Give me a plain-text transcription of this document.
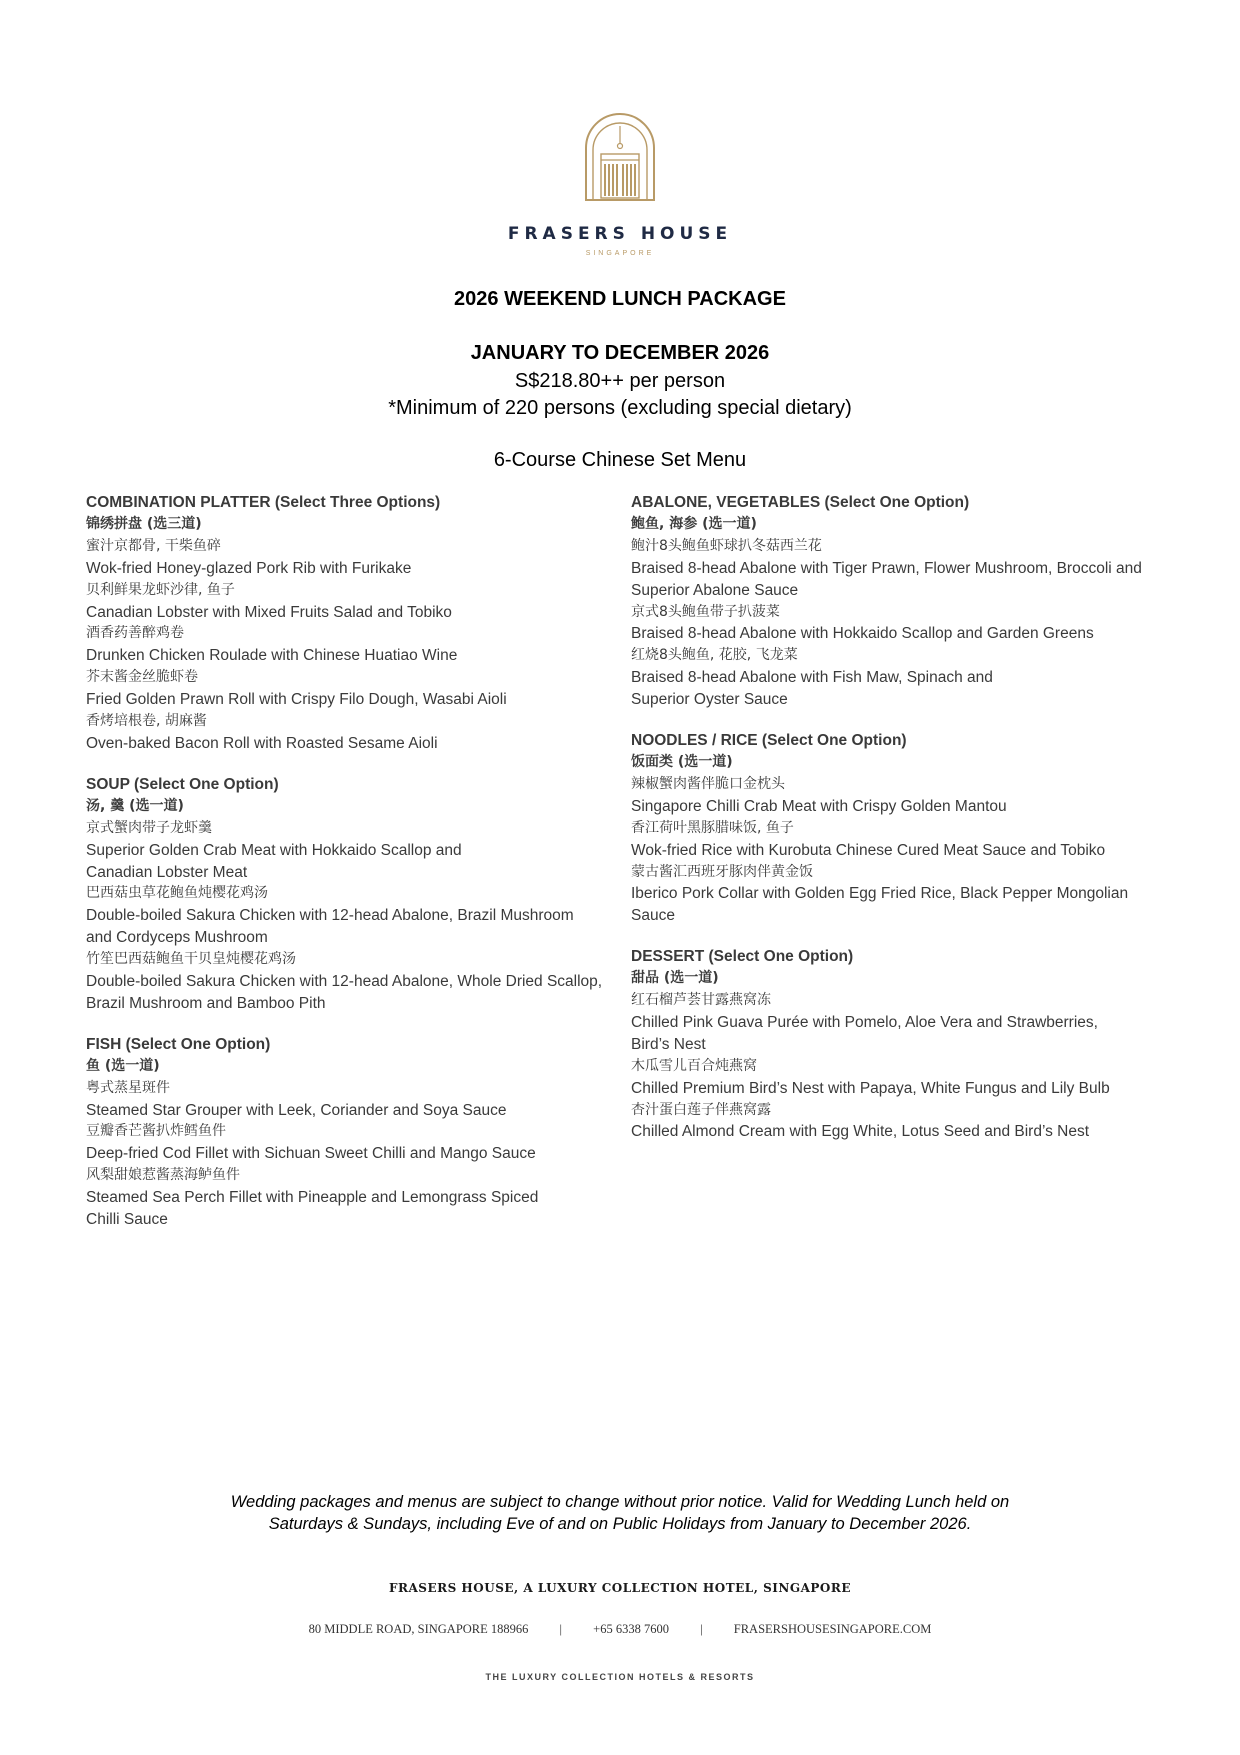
FRASERS HOUSE
SINGAPORE
2026 WEEKEND LUNCH PACKAGE
JANUARY TO DECEMBER 2026
S$218.80++ per person
*Minimum of 220 persons (excluding special dietary)
6-Course Chinese Set Menu
COMBINATION PLATTER (Select Three Options)
锦绣拼盘 (选三道)
蜜汁京都骨, 干柴鱼碎
Wok-fried Honey-glazed Pork Rib with Furikake
贝利鲜果龙虾沙律, 鱼子
Canadian Lobster with Mixed Fruits Salad and Tobiko
酒香药善醉鸡卷
Drunken Chicken Roulade with Chinese Huatiao Wine
芥末酱金丝脆虾卷
Fried Golden Prawn Roll with Crispy Filo Dough, Wasabi Aioli
香烤培根卷, 胡麻酱
Oven-baked Bacon Roll with Roasted Sesame Aioli
SOUP (Select One Option)
汤, 羹 (选一道)
京式蟹肉带子龙虾羹
Superior Golden Crab Meat with Hokkaido Scallop and
Canadian Lobster Meat
巴西菇虫草花鲍鱼炖樱花鸡汤
Double-boiled Sakura Chicken with 12-head Abalone, Brazil Mushroom
and Cordyceps Mushroom
竹笙巴西菇鲍鱼干贝皇炖樱花鸡汤
Double-boiled Sakura Chicken with 12-head Abalone, Whole Dried Scallop,
Brazil Mushroom and Bamboo Pith
FISH (Select One Option)
鱼 (选一道)
粤式蒸星斑件
Steamed Star Grouper with Leek, Coriander and Soya Sauce
豆瓣香芒酱扒炸鳕鱼件
Deep-fried Cod Fillet with Sichuan Sweet Chilli and Mango Sauce
风梨甜娘惹酱蒸海鲈鱼件
Steamed Sea Perch Fillet with Pineapple and Lemongrass Spiced
Chilli Sauce
ABALONE, VEGETABLES (Select One Option)
鲍鱼, 海参 (选一道)
鲍汁8头鲍鱼虾球扒冬菇西兰花
Braised 8-head Abalone with Tiger Prawn, Flower Mushroom, Broccoli and
Superior Abalone Sauce
京式8头鲍鱼带子扒菠菜
Braised 8-head Abalone with Hokkaido Scallop and Garden Greens
红烧8头鲍鱼, 花胶, 飞龙菜
Braised 8-head Abalone with Fish Maw, Spinach and
Superior Oyster Sauce
NOODLES / RICE (Select One Option)
饭面类 (选一道)
辣椒蟹肉酱伴脆口金枕头
Singapore Chilli Crab Meat with Crispy Golden Mantou
香江荷叶黑豚腊味饭, 鱼子
Wok-fried Rice with Kurobuta Chinese Cured Meat Sauce and Tobiko
蒙古酱汇西班牙豚肉伴黄金饭
Iberico Pork Collar with Golden Egg Fried Rice, Black Pepper Mongolian
Sauce
DESSERT (Select One Option)
甜品 (选一道)
红石榴芦荟甘露燕窝冻
Chilled Pink Guava Purée with Pomelo, Aloe Vera and Strawberries,
Bird’s Nest
木瓜雪儿百合炖燕窝
Chilled Premium Bird’s Nest with Papaya, White Fungus and Lily Bulb
杏汁蛋白莲子伴燕窝露
Chilled Almond Cream with Egg White, Lotus Seed and Bird’s Nest
Wedding packages and menus are subject to change without prior notice. Valid for Wedding Lunch held on
Saturdays & Sundays, including Eve of and on Public Holidays from January to December 2026.
FRASERS HOUSE, A LUXURY COLLECTION HOTEL, SINGAPORE
80 MIDDLE ROAD, SINGAPORE 188966 | +65 6338 7600 | FRASERSHOUSESINGAPORE.COM
THE LUXURY COLLECTION HOTELS & RESORTS
